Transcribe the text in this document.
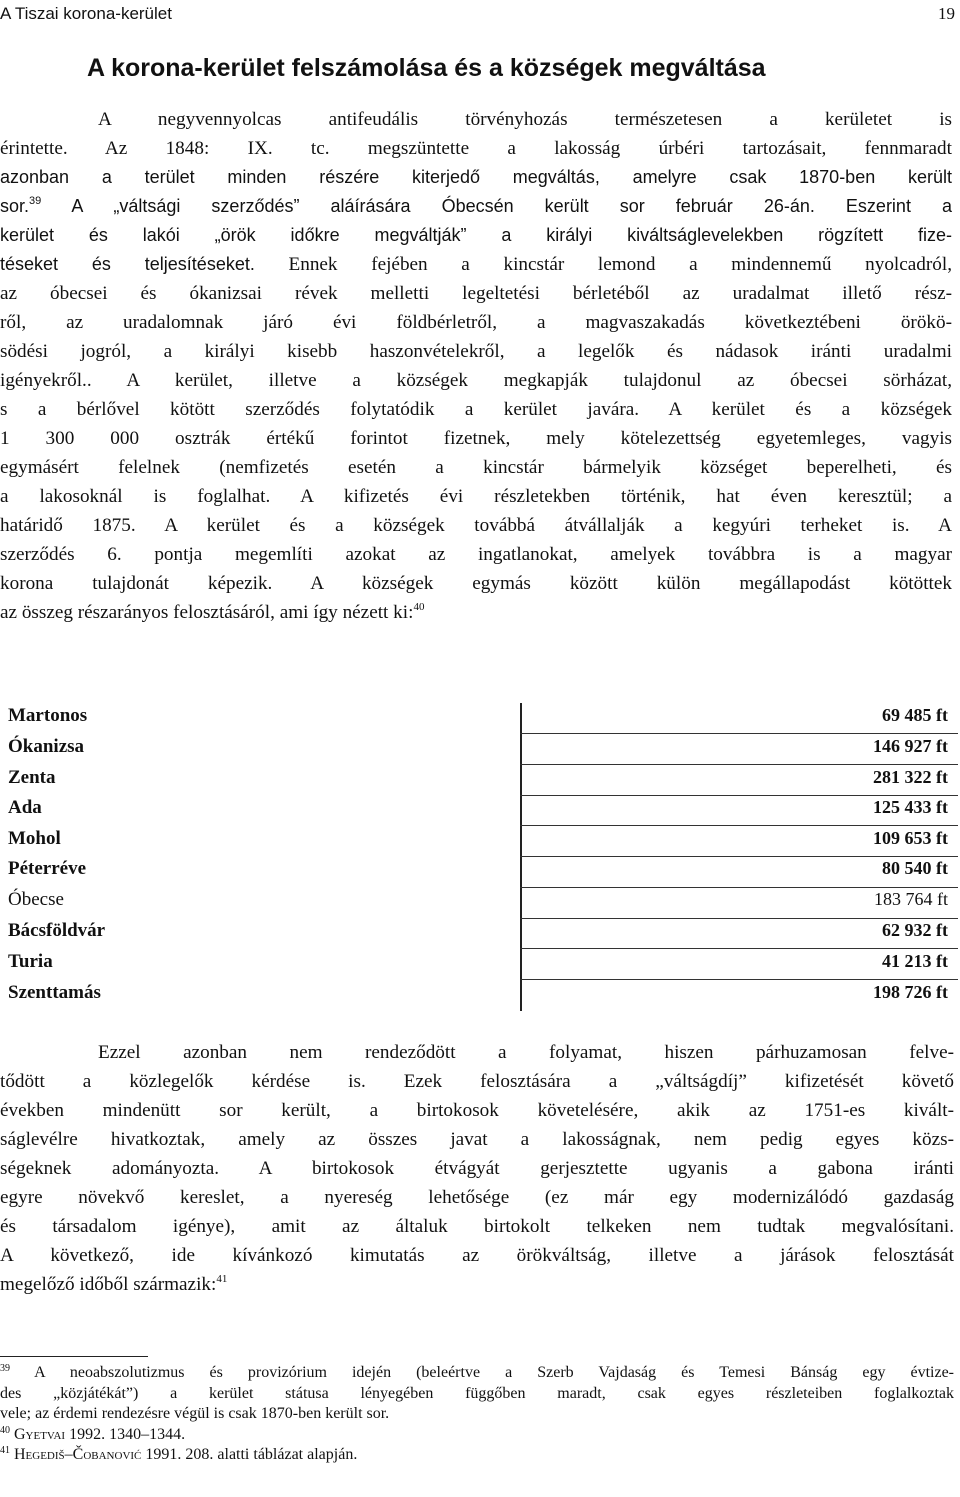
A Tiszai korona-kerület	19
A korona-kerület felszámolása és a községek megváltása
A negyvennyolcas antifeudális törvényhozás természetesen a kerületet is
érintette. Az 1848: IX. tc. megszüntette a lakosság úrbéri tartozásait, fennmaradt
azonban a terület minden részére kiterjedő megváltás, amelyre csak 1870-ben került
sor.$^{39}$ A „váltsági szerződés” aláírására Óbecsén került sor február 26-án. Eszerint a
kerület és lakói „örök időkre megváltják” a királyi kiváltságlevelekben rögzített fize-
téseket és teljesítéseket. Ennek fejében a kincstár lemond a mindennemű nyolcadról,
az óbecsei és ókanizsai révek melletti legeltetési bérletéből az uradalmat illető rész-
ről, az uradalomnak járó évi földbérletről, a magvaszakadás következtébeni örökö-
södési jogról, a királyi kisebb haszonvételekről, a legelők és nádasok iránti uradalmi
igényekről.. A kerület, illetve a községek megkapják tulajdonul az óbecsei sörházat,
s a bérlővel kötött szerződés folytatódik a kerület javára. A kerület és a községek
1 300 000 osztrák értékű forintot fizetnek, mely kötelezettség egyetemleges, vagyis
egymásért felelnek (nemfizetés esetén a kincstár bármelyik községet beperelheti, és
a lakosoknál is foglalhat. A kifizetés évi részletekben történik, hat éven keresztül; a
határidő 1875. A kerület és a községek továbbá átvállalják a kegyúri terheket is. A
szerződés 6. pontja megemlíti azokat az ingatlanokat, amelyek továbbra is a magyar
korona tulajdonát képezik. A községek egymás között külön megállapodást kötöttek
az összeg részarányos felosztásáról, ami így nézett ki:$^{40}$
Martonos	69 485 ft
Ókanizsa	146 927 ft
Zenta	281 322 ft
Ada	125 433 ft
Mohol	109 653 ft
Péterréve	80 540 ft
Óbecse	183 764 ft
Bácsföldvár	62 932 ft
Turia	41 213 ft
Szenttamás	198 726 ft
Ezzel azonban nem rendeződött a folyamat, hiszen párhuzamosan felve-
tődött a közlegelők kérdése is. Ezek felosztására a „váltságdíj” kifizetését követő
években mindenütt sor került, a birtokosok követelésére, akik az 1751-es kivált-
ságlevélre hivatkoztak, amely az összes javat a lakosságnak, nem pedig egyes közs-
ségeknek adományozta. A birtokosok étvágyát gerjesztette ugyanis a gabona iránti
egyre növekvő kereslet, a nyereség lehetősége (ez már egy modernizálódó gazdaság
és társadalom igénye), amit az általuk birtokolt telkeken nem tudtak megvalósítani.
A következő, ide kívánkozó kimutatás az örökváltság, illetve a járások felosztását
megelőző időből származik:$^{41}$
$^{39}$ A neoabszolutizmus és provizórium idején (beleértve a Szerb Vajdaság és Temesi Bánság egy évtize-
des „közjátékát”) a kerület státusa lényegében függőben maradt, csak egyes részleteiben foglalkoztak
vele; az érdemi rendezésre végül is csak 1870-ben került sor.
$^{40}$ Gyetvai 1992. 1340–1344.
$^{41}$ Hegediš–Čobanović 1991. 208. alatti táblázat alapján.
